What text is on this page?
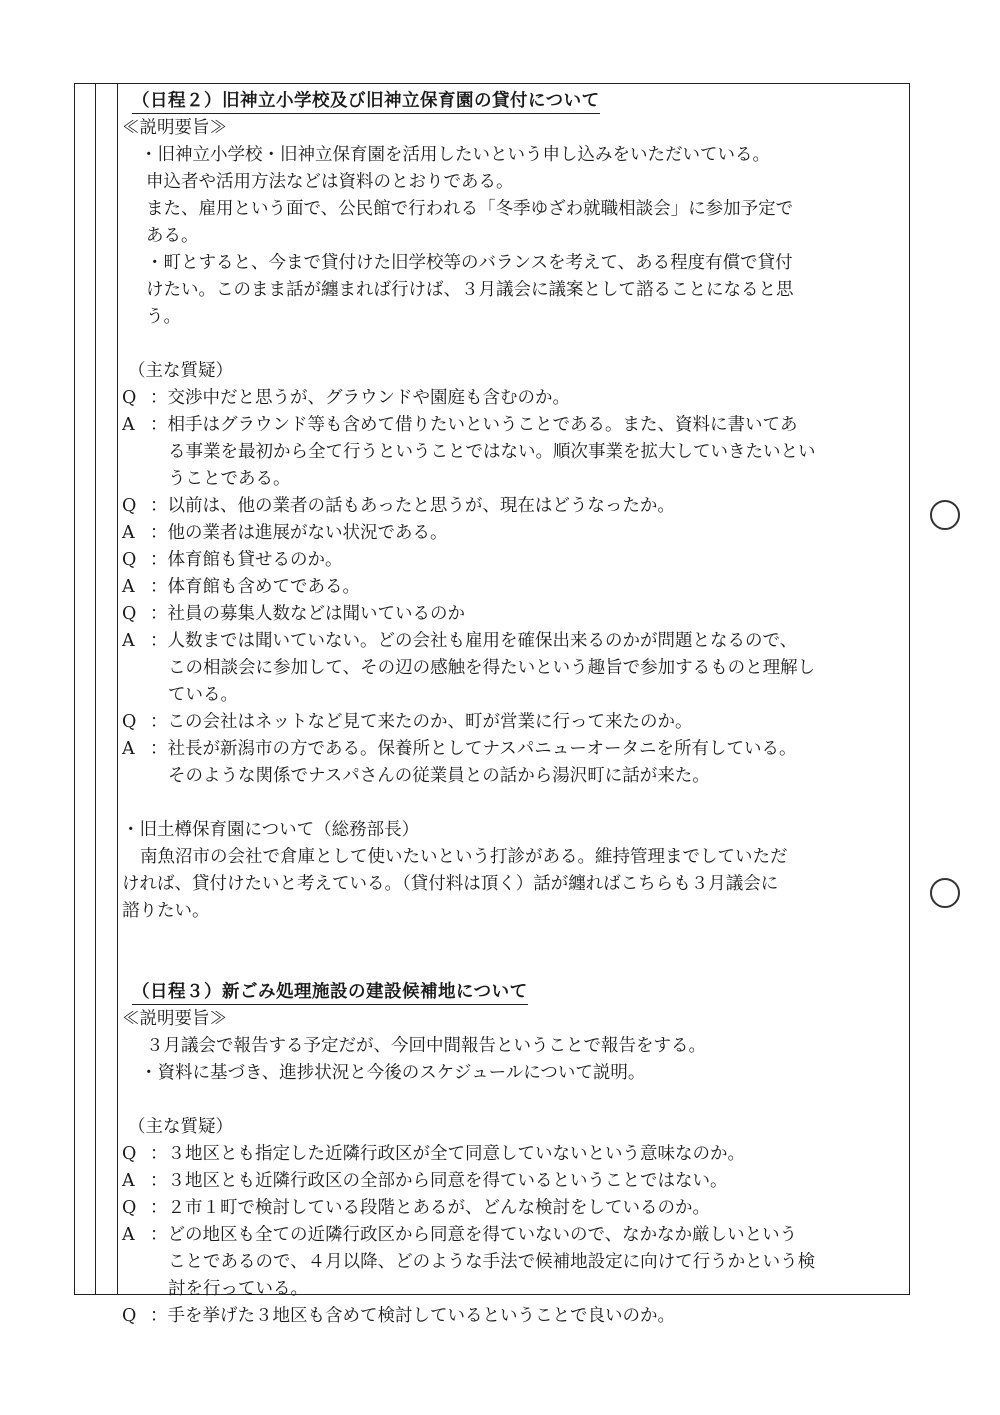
（日程２）旧神立小学校及び旧神立保育園の貸付について
≪説明要旨≫
・旧神立小学校・旧神立保育園を活用したいという申し込みをいただいている。
申込者や活用方法などは資料のとおりである。
また、雇用という面で、公民館で行われる「冬季ゆざわ就職相談会」に参加予定で
ある。
・町とすると、今まで貸付けた旧学校等のバランスを考えて、ある程度有償で貸付
けたい。このまま話が纏まれば行けば、３月議会に議案として諮ることになると思
う。
（主な質疑）
Q ：交渉中だと思うが、グラウンドや園庭も含むのか。
A ：相手はグラウンド等も含めて借りたいということである。また、資料に書いてあ
る事業を最初から全て行うということではない。順次事業を拡大していきたいとい
うことである。
Q ：以前は、他の業者の話もあったと思うが、現在はどうなったか。
A ：他の業者は進展がない状況である。
Q ：体育館も貸せるのか。
A ：体育館も含めてである。
Q ：社員の募集人数などは聞いているのか
A ：人数までは聞いていない。どの会社も雇用を確保出来るのかが問題となるので、
この相談会に参加して、その辺の感触を得たいという趣旨で参加するものと理解し
ている。
Q ：この会社はネットなど見て来たのか、町が営業に行って来たのか。
A ：社長が新潟市の方である。保養所としてナスパニューオータニを所有している。
そのような関係でナスパさんの従業員との話から湯沢町に話が来た。
・旧土樽保育園について（総務部長）
南魚沼市の会社で倉庫として使いたいという打診がある。維持管理までしていただ
ければ、貸付けたいと考えている。（貸付料は頂く）話が纏ればこちらも３月議会に
諮りたい。
（日程３）新ごみ処理施設の建設候補地について
≪説明要旨≫
３月議会で報告する予定だが、今回中間報告ということで報告をする。
・資料に基づき、進捗状況と今後のスケジュールについて説明。
（主な質疑）
Q ：３地区とも指定した近隣行政区が全て同意していないという意味なのか。
A ：３地区とも近隣行政区の全部から同意を得ているということではない。
Q ：２市１町で検討している段階とあるが、どんな検討をしているのか。
A ：どの地区も全ての近隣行政区から同意を得ていないので、なかなか厳しいという
ことであるので、４月以降、どのような手法で候補地設定に向けて行うかという検
討を行っている。
Q ：手を挙げた３地区も含めて検討しているということで良いのか。
